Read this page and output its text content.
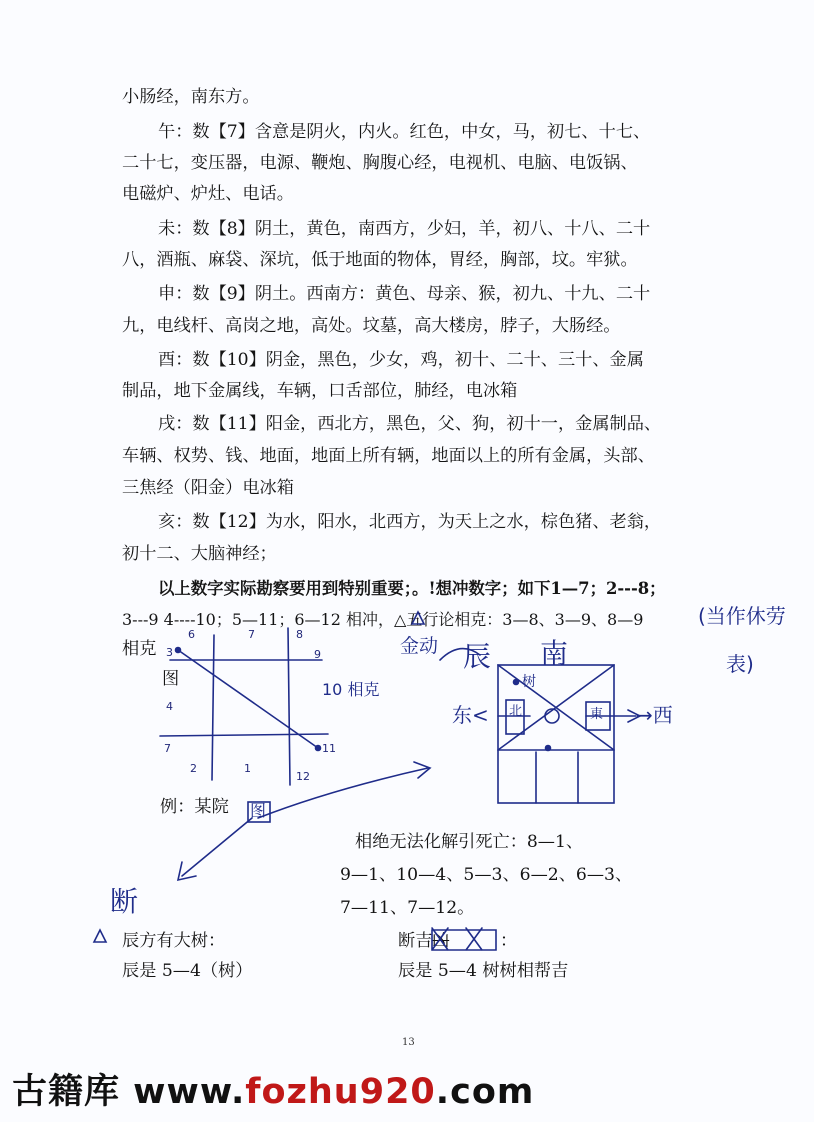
小肠经，南东方。
午：数【7】含意是阴火，内火。红色，中女，马，初七、十七、
二十七，变压器，电源、鞭炮、胸腹心经，电视机、电脑、电饭锅、
电磁炉、炉灶、电话。
未：数【8】阴土，黄色，南西方，少妇，羊，初八、十八、二十
八，酒瓶、麻袋、深坑，低于地面的物体，胃经，胸部，坟。牢狱。
申：数【9】阴土。西南方：黄色、母亲、猴，初九、十九、二十
九，电线杆、高岗之地，高处。坟墓，高大楼房，脖子，大肠经。
酉：数【10】阴金，黑色，少女，鸡，初十、二十、三十、金属
制品，地下金属线，车辆，口舌部位，肺经，电冰箱
戌：数【11】阳金，西北方，黑色，父、狗，初十一，金属制品、
车辆、权势、钱、地面，地面上所有辆，地面以上的所有金属，头部、
三焦经（阳金）电冰箱
亥：数【12】为水，阳水，北西方，为天上之水，棕色猪、老翁，
初十二、大脑神经；
以上数字实际勘察要用到特别重要；。!想冲数字；如下1—7；2---8；
3---9 4----10；5—11；6—12 相冲，△五行论相克：3—8、3—9、8—9
相克
图
例：某院
相绝无法化解引死亡：8—1、
9—1、10—4、5—3、6—2、6—3、
7—11、7—12。
辰方有大树：
辰是 5—4（树）
断吉 凶	：
辰是 5—4 树树相帮吉
13
(当作休劳
表)
金动 辰 南
树
东<	→西
10 相克
北	東
图
断
6	7	8
9
3
4
7
2	1
11
12
古籍库 www.fozhu920.com
